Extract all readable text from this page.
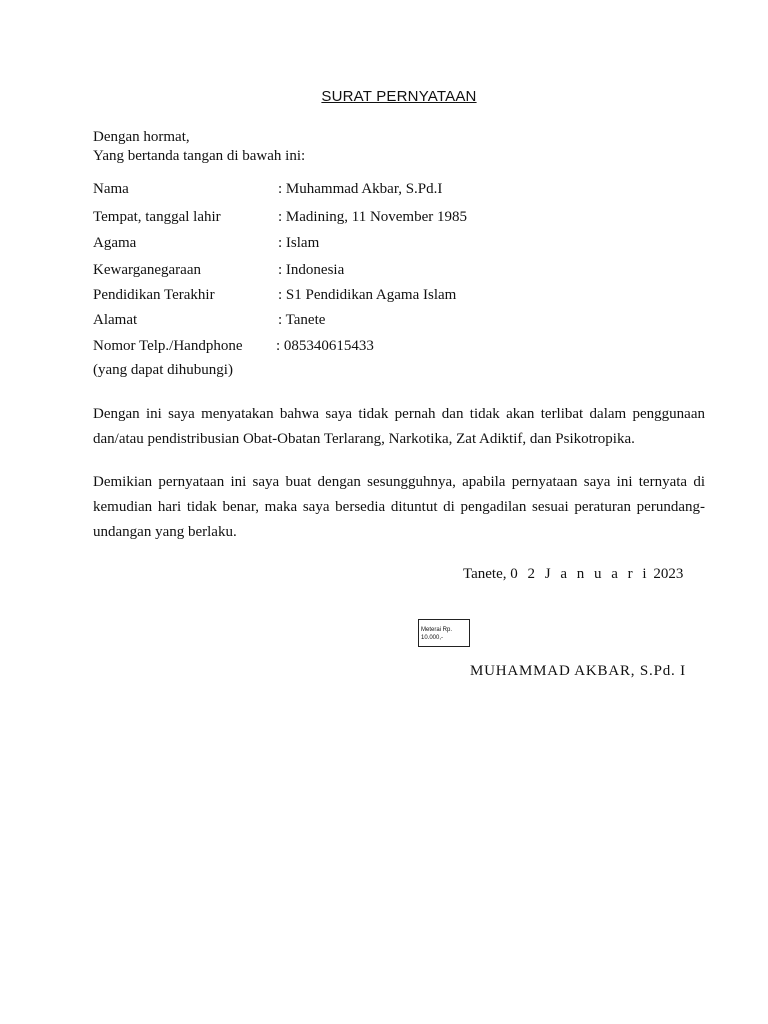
SURAT PERNYATAAN
Dengan hormat,
Yang bertanda tangan di bawah ini:
Nama	: Muhammad Akbar, S.Pd.I
Tempat, tanggal lahir	: Madining, 11 November 1985
Agama	: Islam
Kewarganegaraan	: Indonesia
Pendidikan Terakhir	: S1 Pendidikan Agama Islam
Alamat	: Tanete
Nomor Telp./Handphone : 085340615433
(yang dapat dihubungi)
Dengan ini saya menyatakan bahwa saya tidak pernah dan tidak akan terlibat dalam penggunaan dan/atau pendistribusian Obat-Obatan Terlarang, Narkotika, Zat Adiktif, dan Psikotropika.
Demikian pernyataan ini saya buat dengan sesungguhnya, apabila pernyataan saya ini ternyata di kemudian hari tidak benar, maka saya bersedia dituntut di pengadilan sesuai peraturan perundang-undangan yang berlaku.
Tanete, 0 2 J a n u a r i 2023
Meterai Rp.
10.000,-
MUHAMMAD AKBAR, S.Pd. I
